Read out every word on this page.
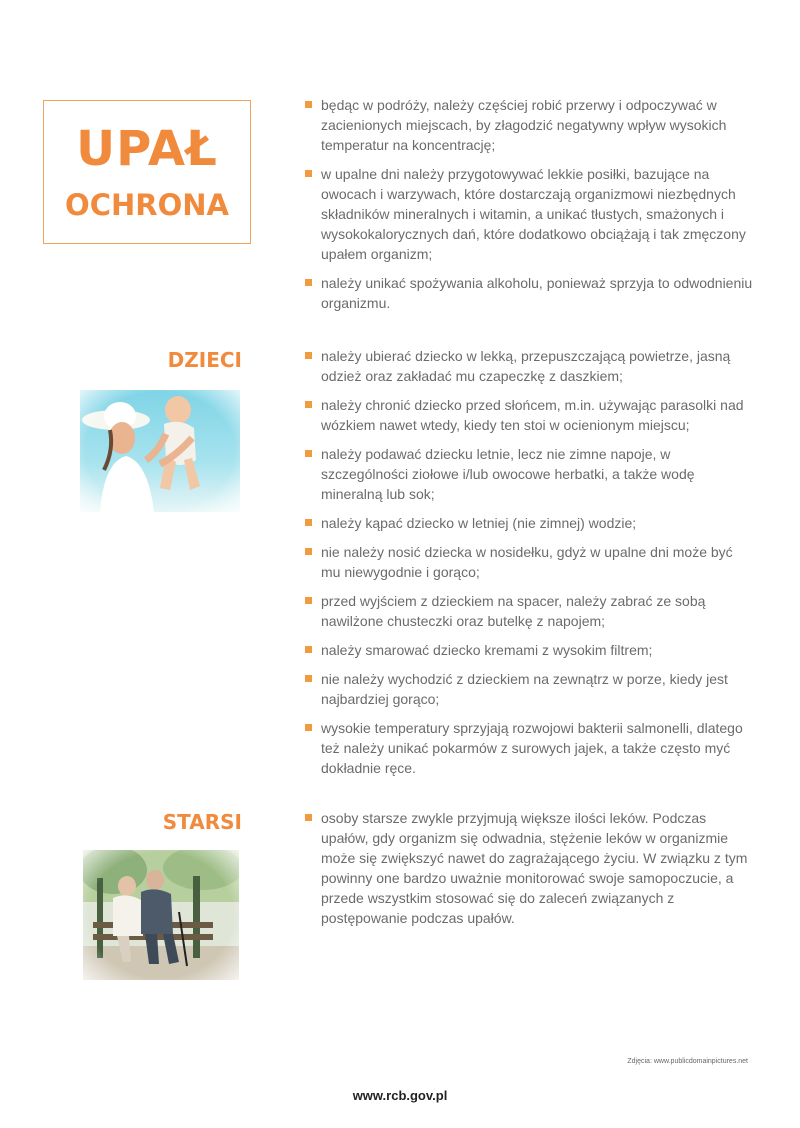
UPAŁ
OCHRONA
będąc w podróży, należy częściej robić przerwy i odpoczywać w zacienionych miejscach, by złagodzić negatywny wpływ wysokich temperatur na koncentrację;
w upalne dni należy przygotowywać lekkie posiłki, bazujące na owocach i warzywach, które dostarczają organizmowi niezbędnych składników mineralnych i witamin, a unikać tłustych, smażonych i wysokokalorycznych dań, które dodatkowo obciążają i tak zmęczony upałem organizm;
należy unikać spożywania alkoholu, ponieważ sprzyja to odwodnieniu organizmu.
DZIECI	należy ubierać dziecko w lekką, przepuszczającą powietrze, jasną odzież oraz zakładać mu czapeczkę z daszkiem;
należy chronić dziecko przed słońcem, m.in. używając parasolki nad wózkiem nawet wtedy, kiedy ten stoi w ocienionym miejscu;
należy podawać dziecku letnie, lecz nie zimne napoje, w szczególności ziołowe i/lub owocowe herbatki, a także wodę mineralną lub sok;
należy kąpać dziecko w letniej (nie zimnej) wodzie;
nie należy nosić dziecka w nosidełku, gdyż w upalne dni może być mu niewygodnie i gorąco;
przed wyjściem z dzieckiem na spacer, należy zabrać ze sobą nawilżone chusteczki oraz butelkę z napojem;
należy smarować dziecko kremami z wysokim filtrem;
nie należy wychodzić z dzieckiem na zewnątrz w porze, kiedy jest najbardziej gorąco;
wysokie temperatury sprzyjają rozwojowi bakterii salmonelli, dlatego też należy unikać pokarmów z surowych jajek, a także często myć dokładnie ręce.
STARSI	osoby starsze zwykle przyjmują większe ilości leków. Podczas upałów, gdy organizm się odwadnia, stężenie leków w organizmie może się zwiększyć nawet do zagrażającego życiu. W związku z tym powinny one bardzo uważnie monitorować swoje samopoczucie, a przede wszystkim stosować się do zaleceń związanych z postępowanie podczas upałów.
Zdjęcia: www.publicdomainpictures.net
www.rcb.gov.pl
